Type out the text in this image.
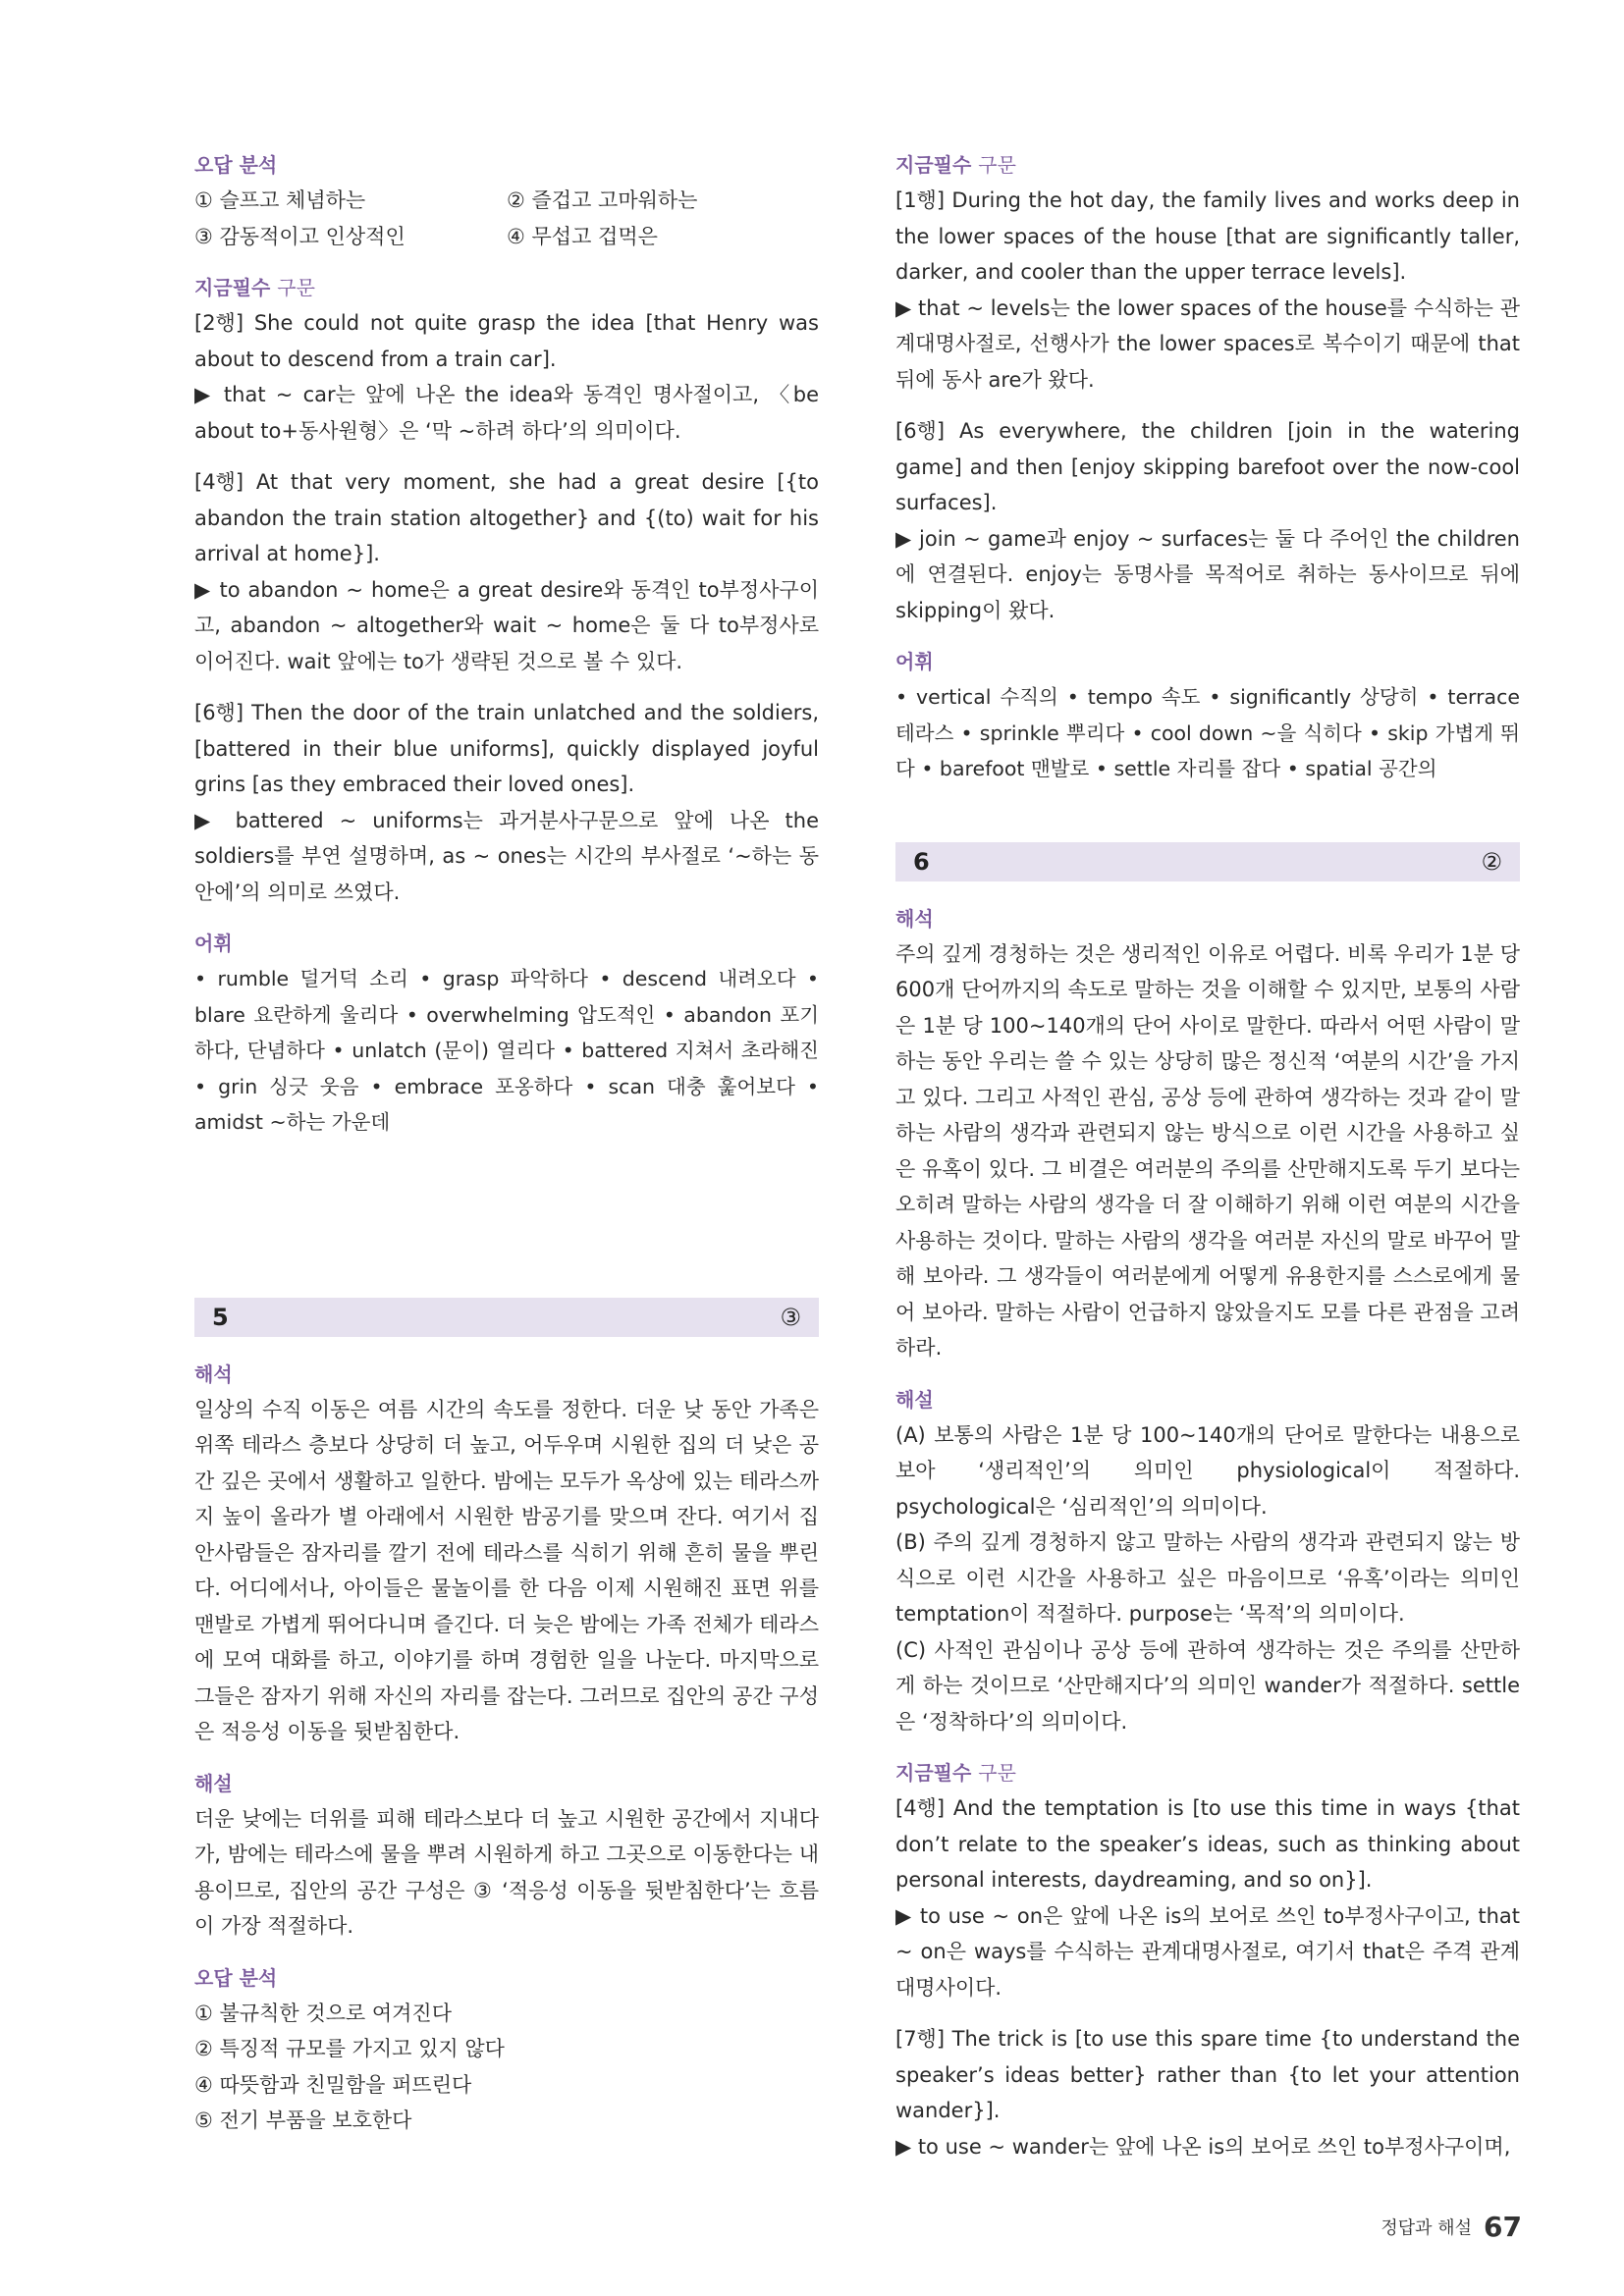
오답 분석
① 슬프고 체념하는	② 즐겁고 고마워하는
③ 감동적이고 인상적인	④ 무섭고 겁먹은
지금필수 구문

[2행] She could not quite grasp the idea [that Henry was about to descend from a train car].

▶ that ~ car는 앞에 나온 the idea와 동격인 명사절이고, 〈be about to+동사원형〉은 ‘막 ~하려 하다’의 의미이다.

[4행] At that very moment, she had a great desire [{to abandon the train station altogether} and {(to) wait for his arrival at home}].

▶ to abandon ~ home은 a great desire와 동격인 to부정사구이고, abandon ~ altogether와 wait ~ home은 둘 다 to부정사로 이어진다. wait 앞에는 to가 생략된 것으로 볼 수 있다.

[6행] Then the door of the train unlatched and the soldiers, [battered in their blue uniforms], quickly displayed joyful grins [as they embraced their loved ones].

▶ battered ~ uniforms는 과거분사구문으로 앞에 나온 the soldiers를 부연 설명하며, as ~ ones는 시간의 부사절로 ‘~하는 동안에’의 의미로 쓰였다.

어휘

• rumble 덜거덕 소리 • grasp 파악하다 • descend 내려오다 • blare 요란하게 울리다 • overwhelming 압도적인 • abandon 포기하다, 단념하다 • unlatch (문이) 열리다 • battered 지쳐서 초라해진 • grin 싱긋 웃음 • embrace 포옹하다 • scan 대충 훑어보다 • amidst ~하는 가운데

5	③
해석

일상의 수직 이동은 여름 시간의 속도를 정한다. 더운 낮 동안 가족은 위쪽 테라스 층보다 상당히 더 높고, 어두우며 시원한 집의 더 낮은 공간 깊은 곳에서 생활하고 일한다. 밤에는 모두가 옥상에 있는 테라스까지 높이 올라가 별 아래에서 시원한 밤공기를 맞으며 잔다. 여기서 집안사람들은 잠자리를 깔기 전에 테라스를 식히기 위해 흔히 물을 뿌린다. 어디에서나, 아이들은 물놀이를 한 다음 이제 시원해진 표면 위를 맨발로 가볍게 뛰어다니며 즐긴다. 더 늦은 밤에는 가족 전체가 테라스에 모여 대화를 하고, 이야기를 하며 경험한 일을 나눈다. 마지막으로 그들은 잠자기 위해 자신의 자리를 잡는다. 그러므로 집안의 공간 구성은 적응성 이동을 뒷받침한다.

해설

더운 낮에는 더위를 피해 테라스보다 더 높고 시원한 공간에서 지내다가, 밤에는 테라스에 물을 뿌려 시원하게 하고 그곳으로 이동한다는 내용이므로, 집안의 공간 구성은 ③ ‘적응성 이동을 뒷받침한다’는 흐름이 가장 적절하다.

오답 분석

① 불규칙한 것으로 여겨진다

② 특징적 규모를 가지고 있지 않다

④ 따뜻함과 친밀함을 퍼뜨린다

⑤ 전기 부품을 보호한다

지금필수 구문

[1행] During the hot day, the family lives and works deep in the lower spaces of the house [that are significantly taller, darker, and cooler than the upper terrace levels].

▶ that ~ levels는 the lower spaces of the house를 수식하는 관계대명사절로, 선행사가 the lower spaces로 복수이기 때문에 that 뒤에 동사 are가 왔다.

[6행] As everywhere, the children [join in the watering game] and then [enjoy skipping barefoot over the now-cool surfaces].

▶ join ~ game과 enjoy ~ surfaces는 둘 다 주어인 the children에 연결된다. enjoy는 동명사를 목적어로 취하는 동사이므로 뒤에 skipping이 왔다.

어휘

• vertical 수직의 • tempo 속도 • significantly 상당히 • terrace 테라스 • sprinkle 뿌리다 • cool down ~을 식히다 • skip 가볍게 뛰다 • barefoot 맨발로 • settle 자리를 잡다 • spatial 공간의

6	②
해석

주의 깊게 경청하는 것은 생리적인 이유로 어렵다. 비록 우리가 1분 당 600개 단어까지의 속도로 말하는 것을 이해할 수 있지만, 보통의 사람은 1분 당 100~140개의 단어 사이로 말한다. 따라서 어떤 사람이 말하는 동안 우리는 쓸 수 있는 상당히 많은 정신적 ‘여분의 시간’을 가지고 있다. 그리고 사적인 관심, 공상 등에 관하여 생각하는 것과 같이 말하는 사람의 생각과 관련되지 않는 방식으로 이런 시간을 사용하고 싶은 유혹이 있다. 그 비결은 여러분의 주의를 산만해지도록 두기 보다는 오히려 말하는 사람의 생각을 더 잘 이해하기 위해 이런 여분의 시간을 사용하는 것이다. 말하는 사람의 생각을 여러분 자신의 말로 바꾸어 말해 보아라. 그 생각들이 여러분에게 어떻게 유용한지를 스스로에게 물어 보아라. 말하는 사람이 언급하지 않았을지도 모를 다른 관점을 고려하라.

해설

(A) 보통의 사람은 1분 당 100~140개의 단어로 말한다는 내용으로 보아 ‘생리적인’의 의미인 physiological이 적절하다. psychological은 ‘심리적인’의 의미이다.

(B) 주의 깊게 경청하지 않고 말하는 사람의 생각과 관련되지 않는 방식으로 이런 시간을 사용하고 싶은 마음이므로 ‘유혹’이라는 의미인 temptation이 적절하다. purpose는 ‘목적’의 의미이다.

(C) 사적인 관심이나 공상 등에 관하여 생각하는 것은 주의를 산만하게 하는 것이므로 ‘산만해지다’의 의미인 wander가 적절하다. settle은 ‘정착하다’의 의미이다.

지금필수 구문

[4행] And the temptation is [to use this time in ways {that don’t relate to the speaker’s ideas, such as thinking about personal interests, daydreaming, and so on}].

▶ to use ~ on은 앞에 나온 is의 보어로 쓰인 to부정사구이고, that ~ on은 ways를 수식하는 관계대명사절로, 여기서 that은 주격 관계대명사이다.

[7행] The trick is [to use this spare time {to understand the speaker’s ideas better} rather than {to let your attention wander}].

▶ to use ~ wander는 앞에 나온 is의 보어로 쓰인 to부정사구이며,

정답과 해설 67
